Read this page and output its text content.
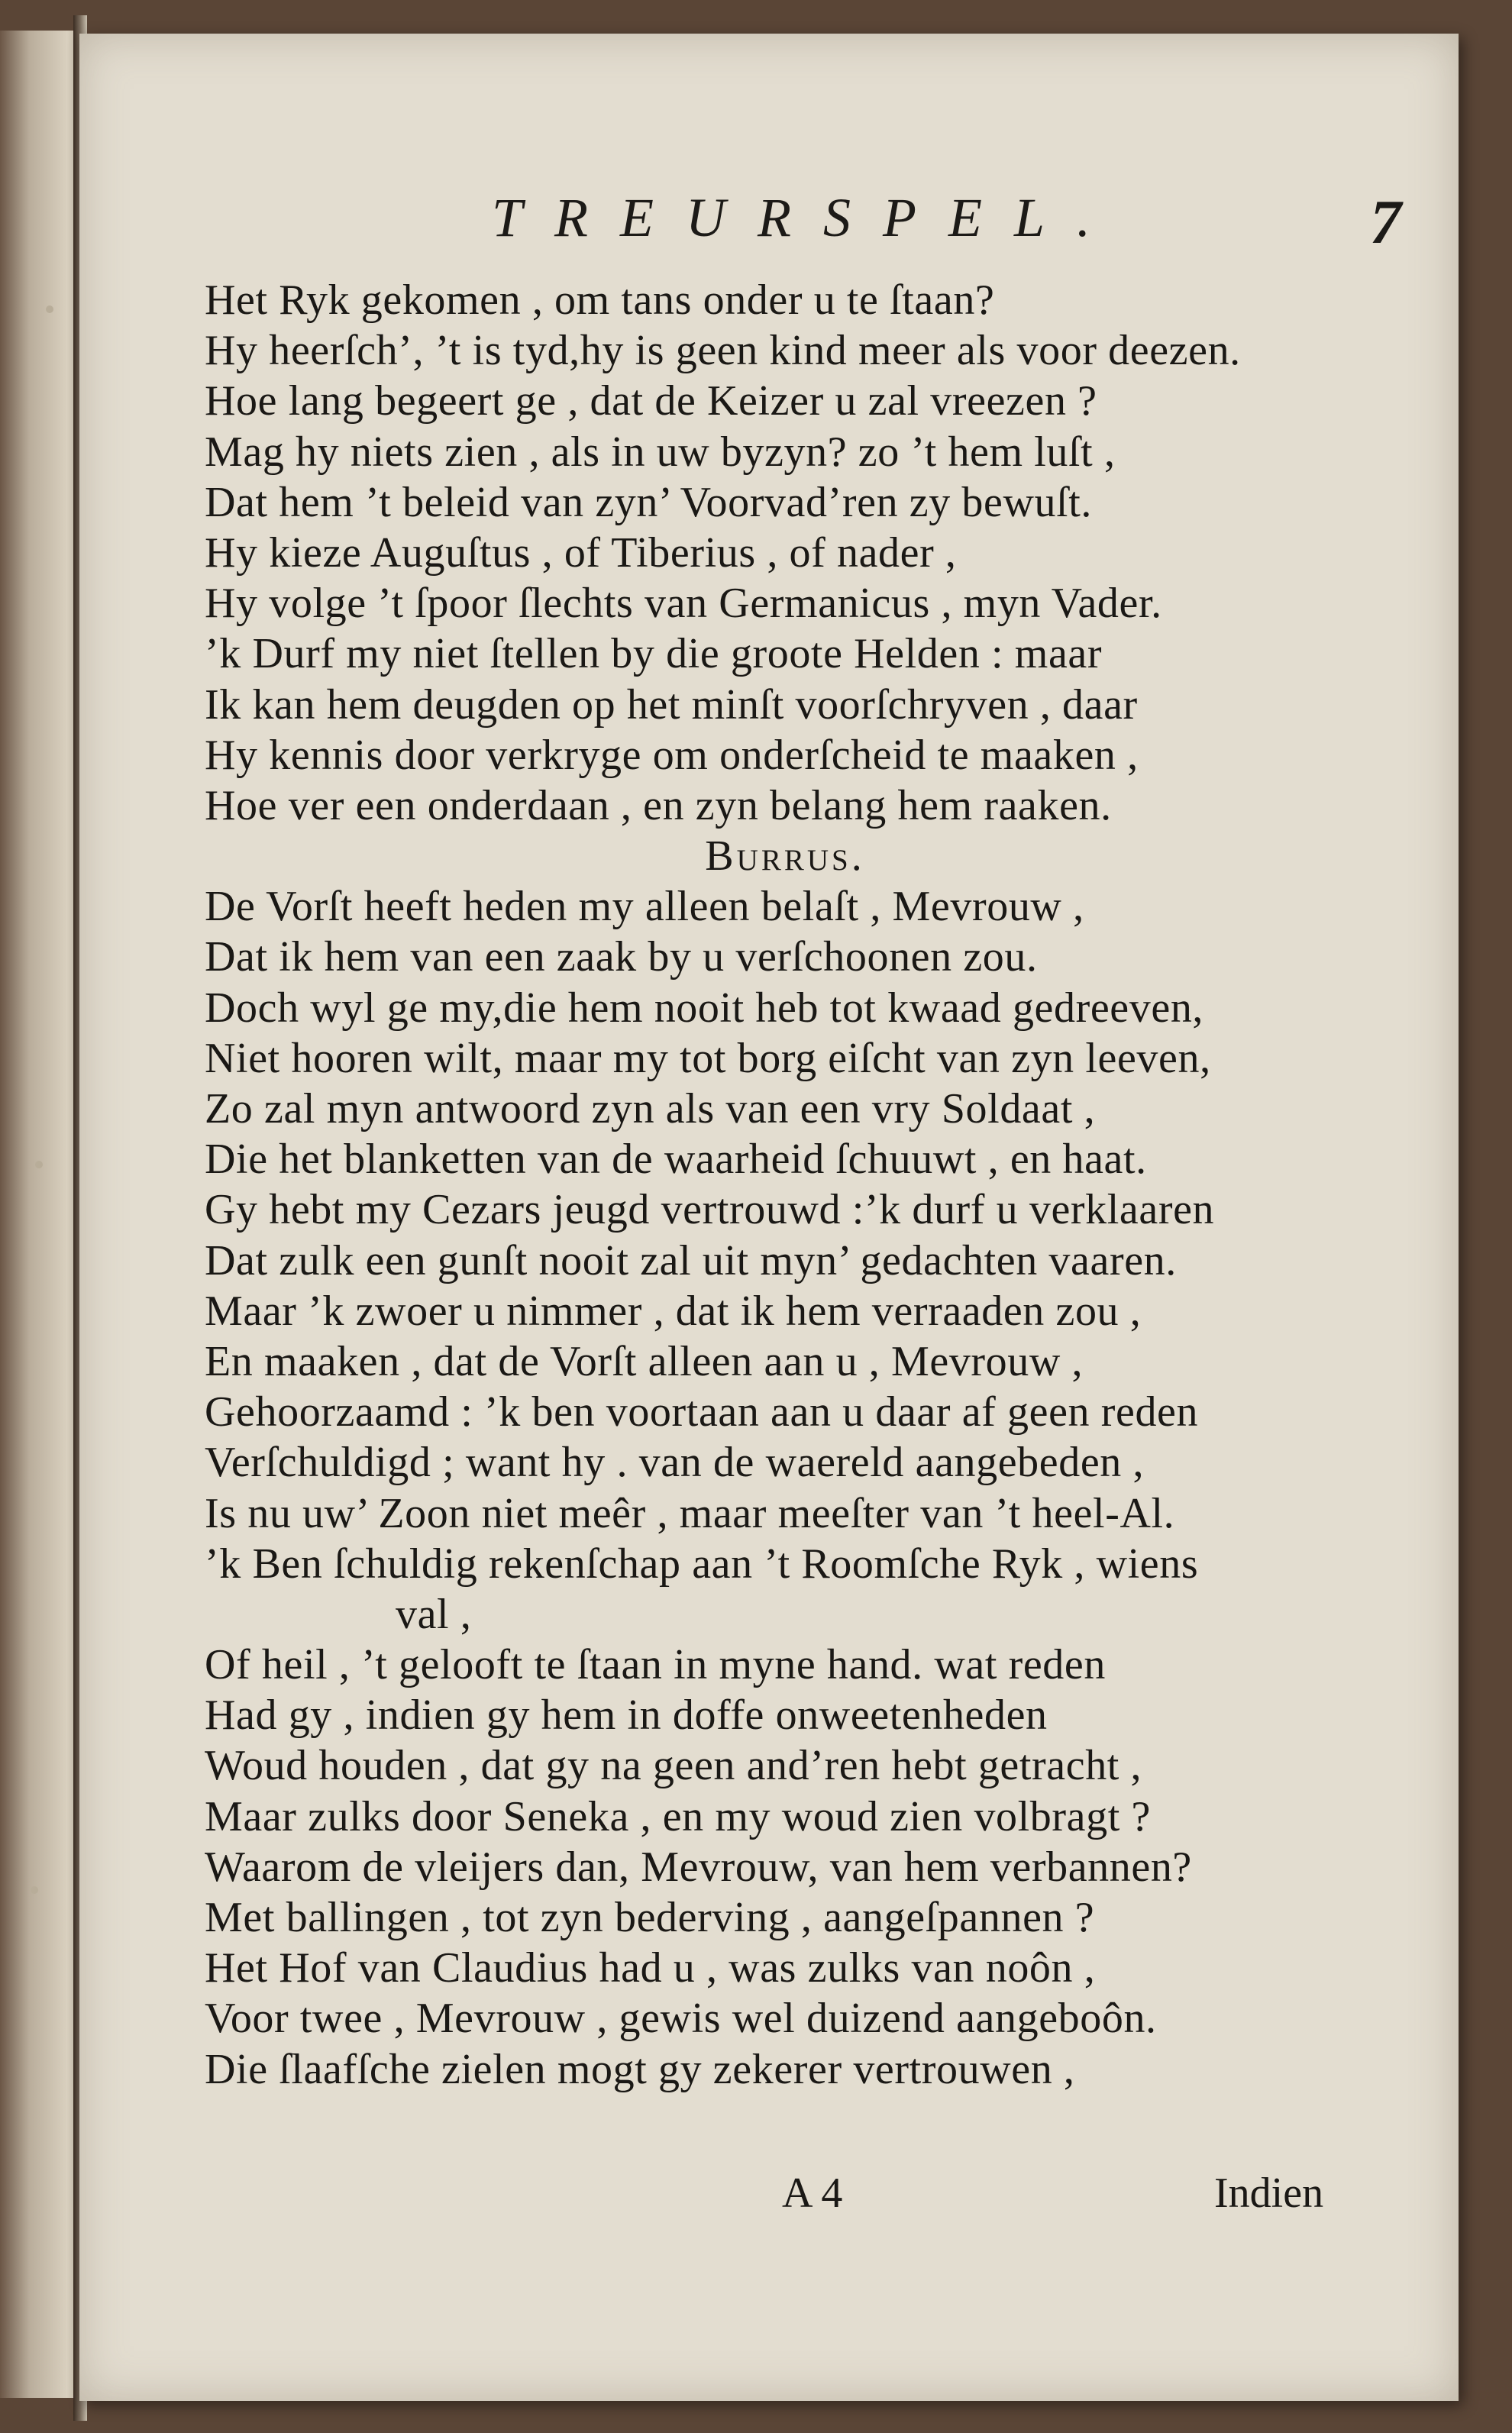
TREURSPEL.	7
Het Ryk gekomen , om tans onder u te ſtaan?
Hy heerſch’, ’t is tyd,hy is geen kind meer als voor deezen.
Hoe lang begeert ge , dat de Keizer u zal vreezen ?
Mag hy niets zien , als in uw byzyn? zo ’t hem luſt ,
Dat hem ’t beleid van zyn’ Voorvad’ren zy bewuſt.
Hy kieze Auguſtus , of Tiberius , of nader ,
Hy volge ’t ſpoor ſlechts van Germanicus , myn Vader.
’k Durf my niet ſtellen by die groote Helden : maar
Ik kan hem deugden op het minſt voorſchryven , daar
Hy kennis door verkryge om onderſcheid te maaken ,
Hoe ver een onderdaan , en zyn belang hem raaken.
Burrus.
De Vorſt heeft heden my alleen belaſt , Mevrouw ,
Dat ik hem van een zaak by u verſchoonen zou.
Doch wyl ge my,die hem nooit heb tot kwaad gedreeven,
Niet hooren wilt, maar my tot borg eiſcht van zyn leeven,
Zo zal myn antwoord zyn als van een vry Soldaat ,
Die het blanketten van de waarheid ſchuuwt , en haat.
Gy hebt my Cezars jeugd vertrouwd :’k durf u verklaaren
Dat zulk een gunſt nooit zal uit myn’ gedachten vaaren.
Maar ’k zwoer u nimmer , dat ik hem verraaden zou ,
En maaken , dat de Vorſt alleen aan u , Mevrouw ,
Gehoorzaamd : ’k ben voortaan aan u daar af geen reden
Verſchuldigd ; want hy . van de waereld aangebeden ,
Is nu uw’ Zoon niet meêr , maar meeſter van ’t heel-Al.
’k Ben ſchuldig rekenſchap aan ’t Roomſche Ryk , wiens
val ,
Of heil , ’t gelooft te ſtaan in myne hand. wat reden
Had gy , indien gy hem in doffe onweetenheden
Woud houden , dat gy na geen and’ren hebt getracht ,
Maar zulks door Seneka , en my woud zien volbragt ?
Waarom de vleijers dan, Mevrouw, van hem verbannen?
Met ballingen , tot zyn bederving , aangeſpannen ?
Het Hof van Claudius had u , was zulks van noôn ,
Voor twee , Mevrouw , gewis wel duizend aangeboôn.
Die ſlaafſche zielen mogt gy zekerer vertrouwen ,
A 4	Indien
